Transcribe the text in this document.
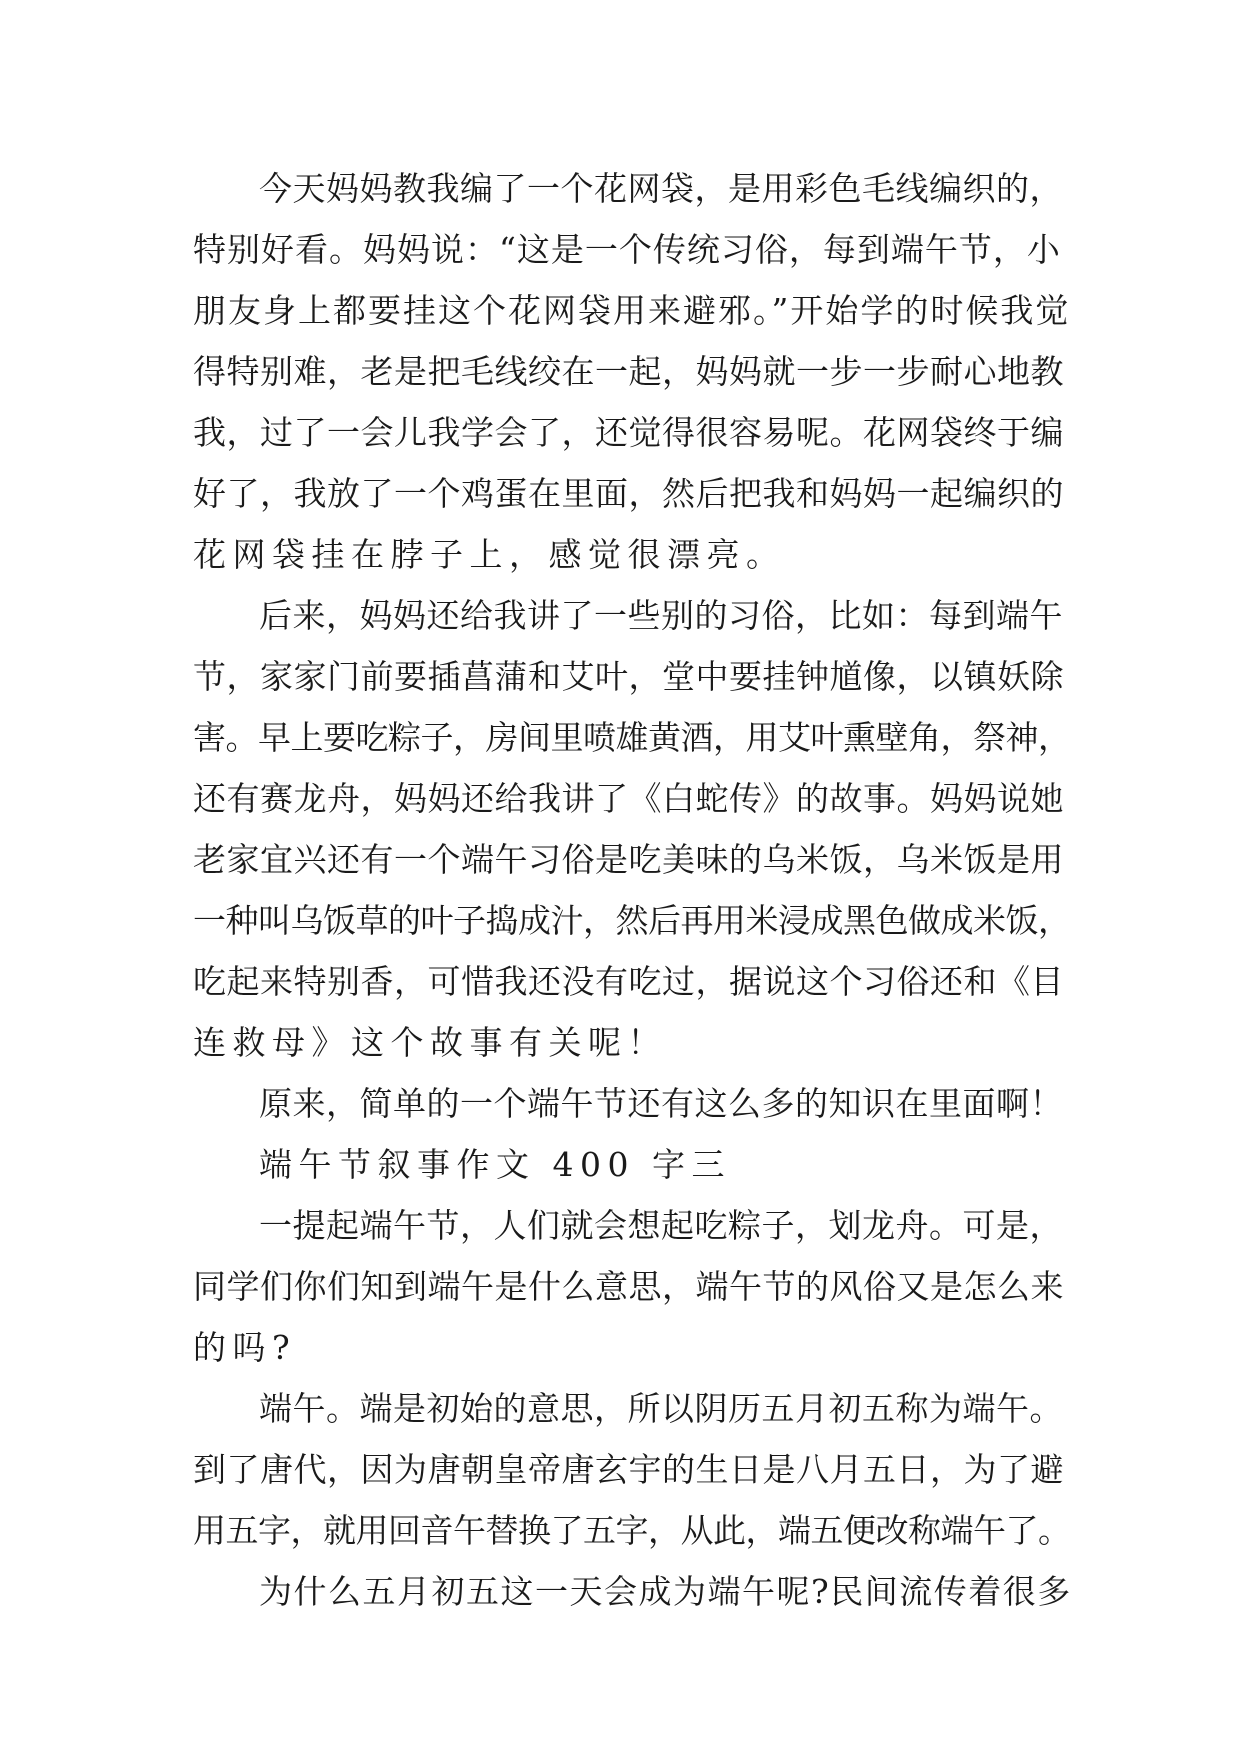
今天妈妈教我编了一个花网袋，是用彩色毛线编织的，
特别好看。妈妈说：“这是一个传统习俗，每到端午节，小
朋友身上都要挂这个花网袋用来避邪。”开始学的时候我觉
得特别难，老是把毛线绞在一起，妈妈就一步一步耐心地教
我，过了一会儿我学会了，还觉得很容易呢。花网袋终于编
好了，我放了一个鸡蛋在里面，然后把我和妈妈一起编织的
花网袋挂在脖子上，感觉很漂亮。
后来，妈妈还给我讲了一些别的习俗，比如：每到端午
节，家家门前要插菖蒲和艾叶，堂中要挂钟馗像，以镇妖除
害。早上要吃粽子，房间里喷雄黄酒，用艾叶熏壁角，祭神，
还有赛龙舟，妈妈还给我讲了《白蛇传》的故事。妈妈说她
老家宜兴还有一个端午习俗是吃美味的乌米饭，乌米饭是用
一种叫乌饭草的叶子捣成汁，然后再用米浸成黑色做成米饭，
吃起来特别香，可惜我还没有吃过，据说这个习俗还和《目
连救母》这个故事有关呢！
原来，简单的一个端午节还有这么多的知识在里面啊！
端午节叙事作文 400 字三
一提起端午节，人们就会想起吃粽子，划龙舟。可是，
同学们你们知到端午是什么意思，端午节的风俗又是怎么来
的吗?
端午。端是初始的意思，所以阴历五月初五称为端午。
到了唐代，因为唐朝皇帝唐玄宇的生日是八月五日，为了避
用五字，就用回音午替换了五字，从此，端五便改称端午了。
为什么五月初五这一天会成为端午呢?民间流传着很多
